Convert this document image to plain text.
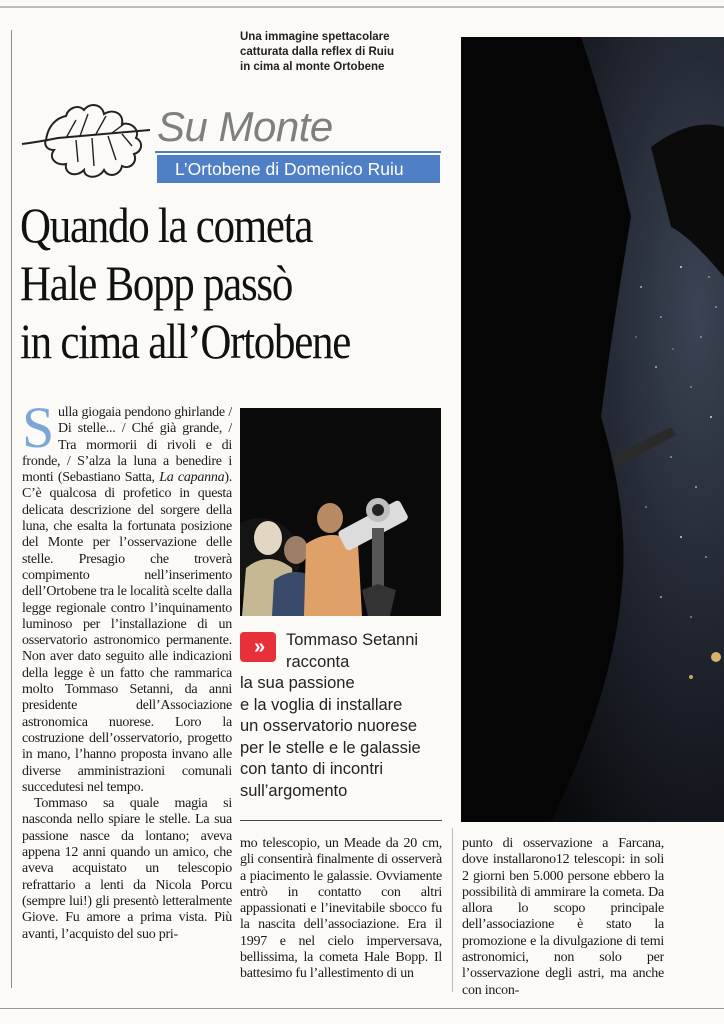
Una immagine spettacolare
catturata dalla reflex di Ruiu
in cima al monte Ortobene
Su Monte
L’Ortobene di Domenico Ruiu
Quando la cometa
Hale Bopp passò
in cima all’Ortobene

Sulla giogaia pendono ghirlande / Di stelle... / Ché già grande, / Tra mormorii di rivoli e di fronde, / S’alza la luna a benedire i monti (Sebastiano Satta, La capanna). C’è qualcosa di profetico in questa delicata descrizione del sorgere della luna, che esalta la fortunata posizione del Monte per l’osservazione delle stelle. Presagio che troverà compimento nell’inserimento dell’Ortobene tra le località scelte dalla legge regionale contro l’inquinamento luminoso per l’installazione di un osservatorio astronomico permanente. Non aver dato seguito alle indicazioni della legge è un fatto che rammarica molto Tommaso Setanni, da anni presidente dell’Associazione astronomica nuorese. Loro la costruzione dell’osservatorio, progetto in mano, l’hanno proposta invano alle diverse amministrazioni comunali succedutesi nel tempo.

Tommaso sa quale magia si nasconda nello spiare le stelle. La sua passione nasce da lontano; aveva appena 12 anni quando un amico, che aveva acquistato un telescopio refrattario a lenti da Nicola Porcu (sempre lui!) gli presentò letteralmente Giove. Fu amore a prima vista. Più avanti, l’acquisto del suo pri-

»	Tommaso Setanni
racconta
la sua passione
e la voglia di installare
un osservatorio nuorese
per le stelle e le galassie
con tanto di incontri
sull’argomento
mo telescopio, un Meade da 20 cm, gli consentirà finalmente di osserverà a piacimento le galassie. Ovviamente entrò in contatto con altri appassionati e l’inevitabile sbocco fu la nascita dell’associazione. Era il 1997 e nel cielo imperversava, bellissima, la cometa Hale Bopp. Il battesimo fu l’allestimento di un
punto di osservazione a Farcana, dove installarono12 telescopi: in soli 2 giorni ben 5.000 persone ebbero la possibilità di ammirare la cometa. Da allora lo scopo principale dell’associazione è stato la promozione e la divulgazione di temi astronomici, non solo per l’osservazione degli astri, ma anche con incon-
